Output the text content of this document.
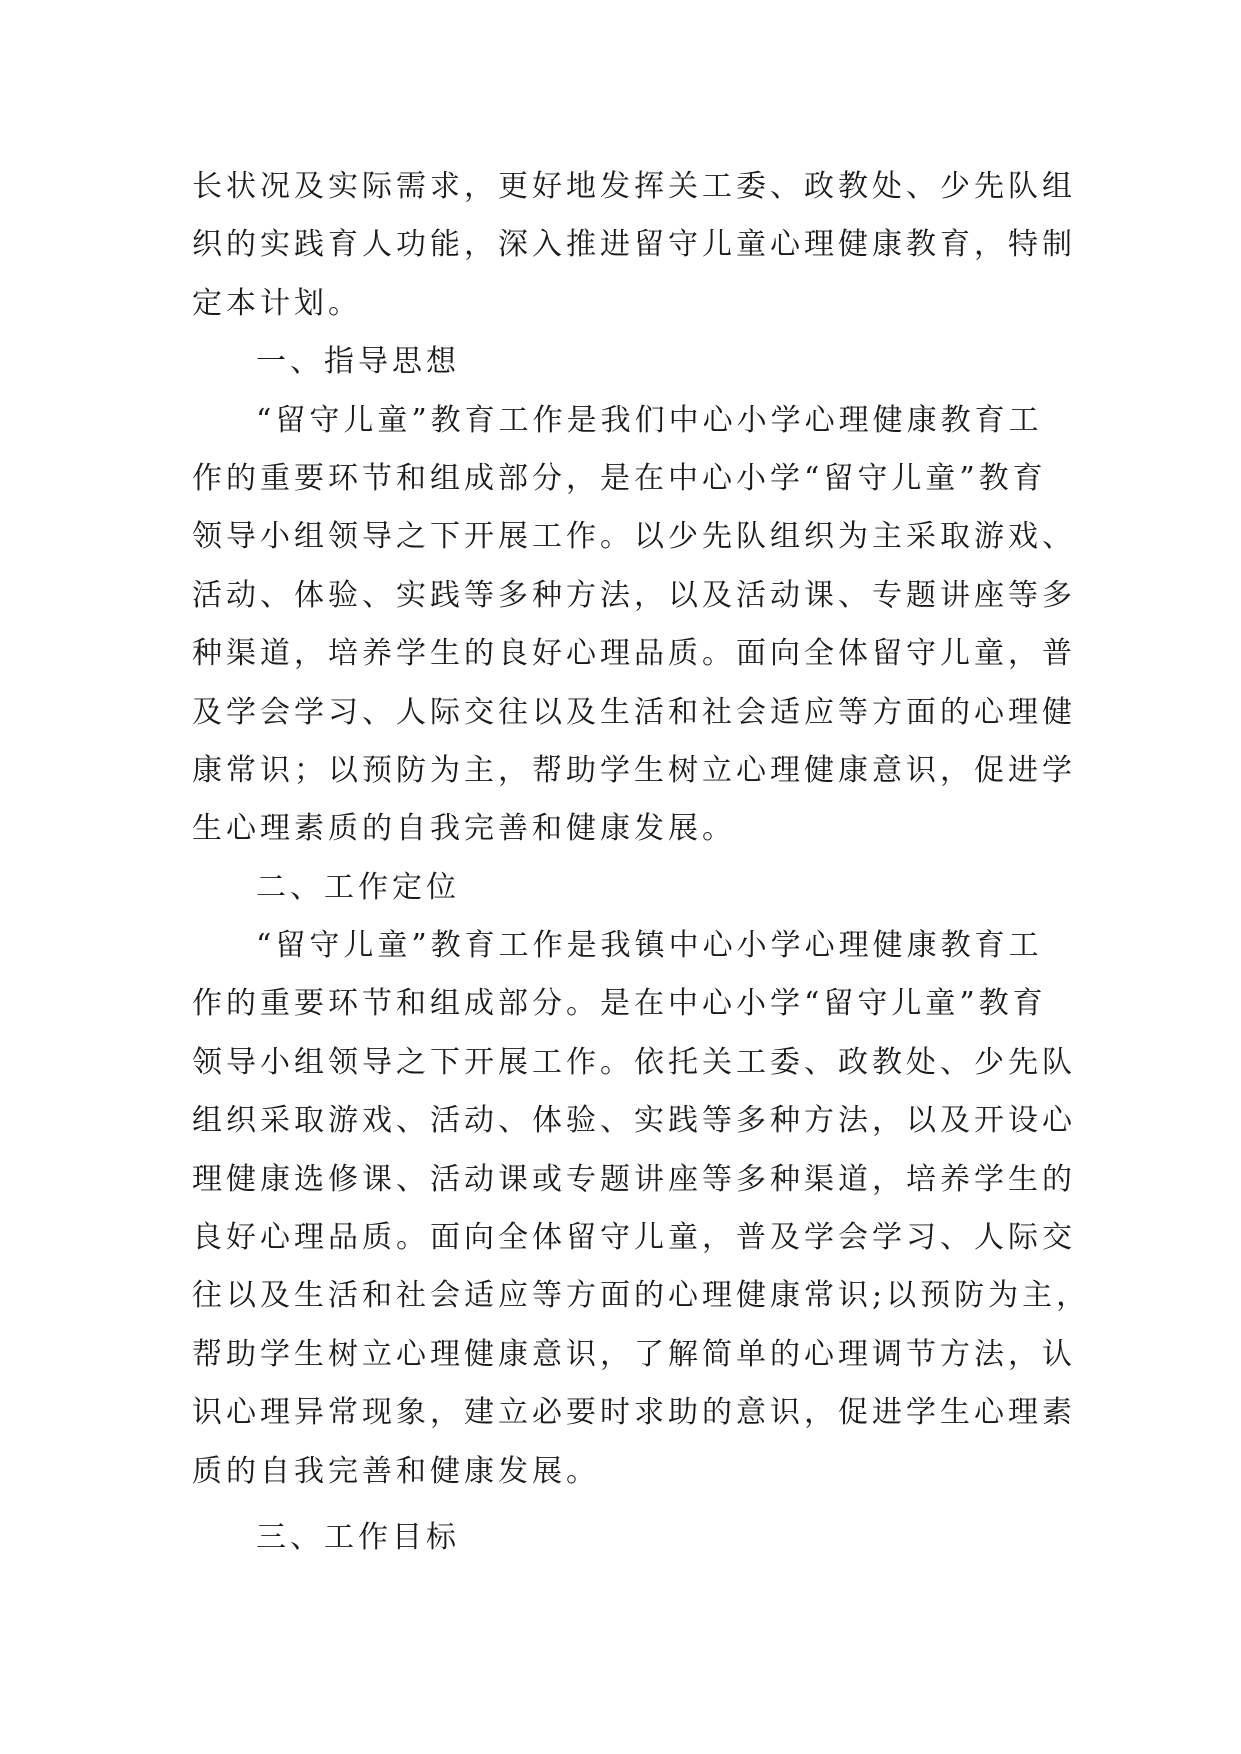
长状况及实际需求，更好地发挥关工委、政教处、少先队组
织的实践育人功能，深入推进留守儿童心理健康教育，特制
定本计划。
一、指导思想
“留守儿童”教育工作是我们中心小学心理健康教育工
作的重要环节和组成部分，是在中心小学“留守儿童”教育
领导小组领导之下开展工作。以少先队组织为主采取游戏、
活动、体验、实践等多种方法，以及活动课、专题讲座等多
种渠道，培养学生的良好心理品质。面向全体留守儿童，普
及学会学习、人际交往以及生活和社会适应等方面的心理健
康常识；以预防为主，帮助学生树立心理健康意识，促进学
生心理素质的自我完善和健康发展。
二、工作定位
“留守儿童”教育工作是我镇中心小学心理健康教育工
作的重要环节和组成部分。是在中心小学“留守儿童”教育
领导小组领导之下开展工作。依托关工委、政教处、少先队
组织采取游戏、活动、体验、实践等多种方法，以及开设心
理健康选修课、活动课或专题讲座等多种渠道，培养学生的
良好心理品质。面向全体留守儿童，普及学会学习、人际交
往以及生活和社会适应等方面的心理健康常识;以预防为主，
帮助学生树立心理健康意识，了解简单的心理调节方法，认
识心理异常现象，建立必要时求助的意识，促进学生心理素
质的自我完善和健康发展。
三、工作目标
